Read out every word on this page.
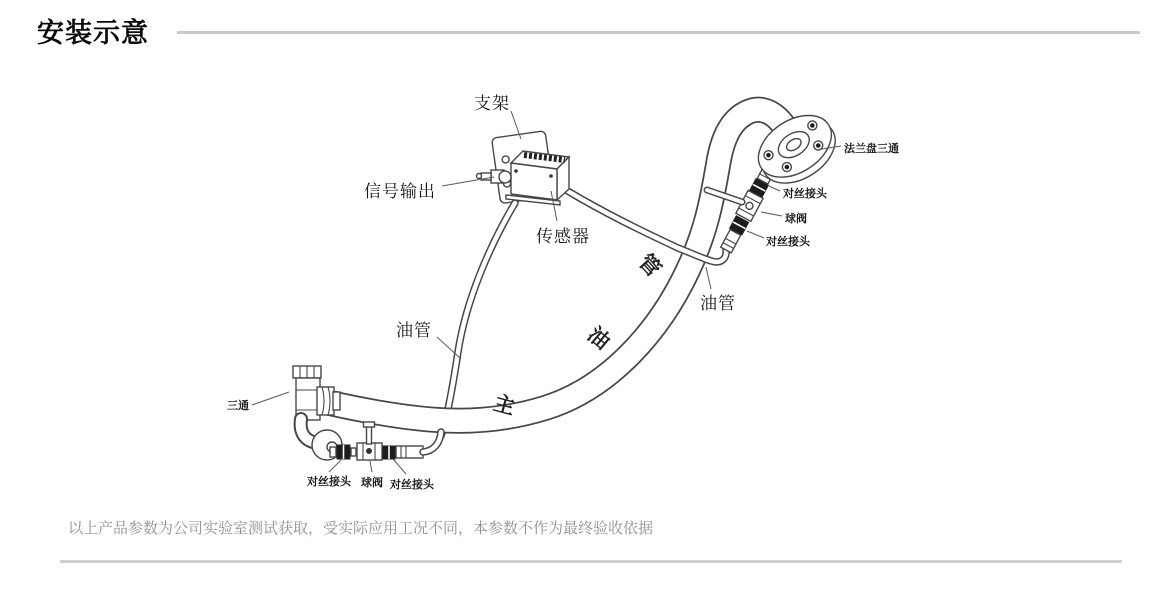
安装示意
支架
信号输出
传感器
法兰盘三通
对丝接头
球阀
对丝接头
油管
油管
三通
对丝接头 球阀 对丝接头
主
油
管
以上产品参数为公司实验室测试获取，受实际应用工况不同，本参数不作为最终验收依据
